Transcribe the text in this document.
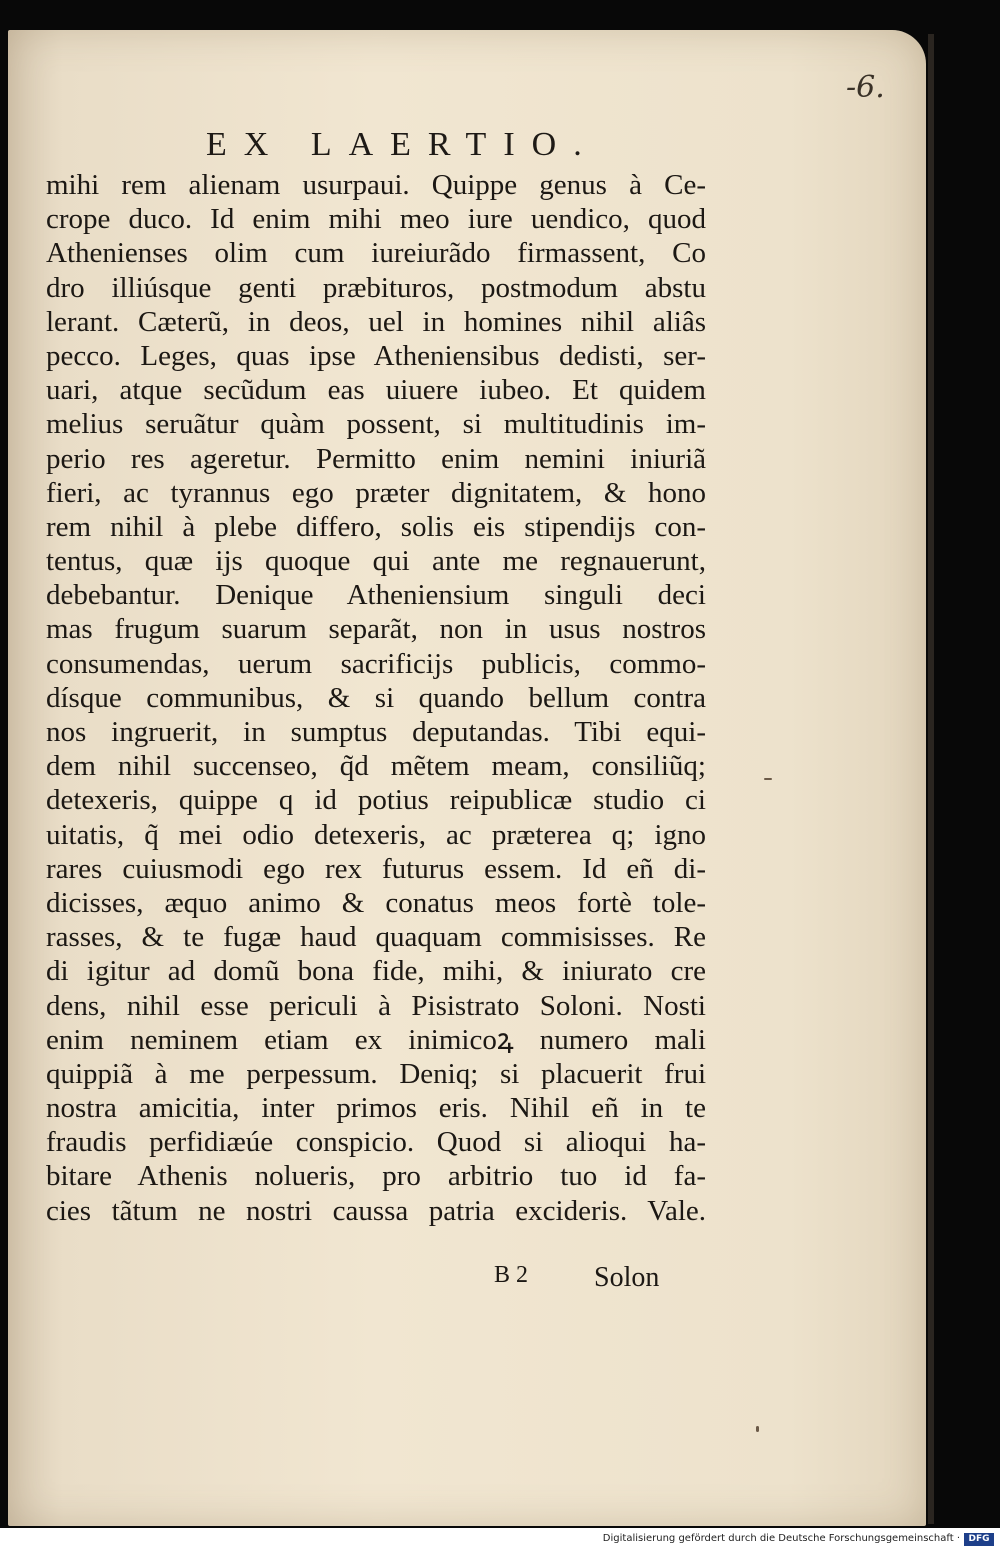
-6.
EX LAERTIO.
mihi rem alienam usurpaui. Quippe genus à Ce-
crope duco. Id enim mihi meo iure uendico, quod
Athenienses olim cum iureiurãdo firmassent, Co
dro illiúsque genti præbituros, postmodum abstu
lerant. Cæterũ, in deos, uel in homines nihil aliâs
pecco. Leges, quas ipse Atheniensibus dedisti, ser-
uari, atque secũdum eas uiuere iubeo. Et quidem
melius seruãtur quàm possent, si multitudinis im-
perio res ageretur. Permitto enim nemini iniuriã
fieri, ac tyrannus ego præter dignitatem, & hono
rem nihil à plebe differo, solis eis stipendijs con-
tentus, quæ ijs quoque qui ante me regnauerunt,
debebantur. Denique Atheniensium singuli deci
mas frugum suarum separãt, non in usus nostros
consumendas, uerum sacrificijs publicis, commo-
dísque communibus, & si quando bellum contra
nos ingruerit, in sumptus deputandas. Tibi equi-
dem nihil succenseo, q̃d mẽtem meam, consiliũq;
detexeris, quippe q id potius reipublicæ studio ci
uitatis, q̃ mei odio detexeris, ac præterea q; igno
rares cuiusmodi ego rex futurus essem. Id eñ di-
dicisses, æquo animo & conatus meos fortè tole-
rasses, & te fugæ haud quaquam commisisses. Re
di igitur ad domũ bona fide, mihi, & iniurato cre
dens, nihil esse periculi à Pisistrato Soloni. Nosti
enim neminem etiam ex inimicoꝝ numero mali
quippiã à me perpessum. Deniq; si placuerit frui
nostra amicitia, inter primos eris. Nihil eñ in te
fraudis perfidiæúe conspicio. Quod si alioqui ha-
bitare Athenis nolueris, pro arbitrio tuo id fa-
cies tãtum ne nostri caussa patria excideris. Vale.
B 2 Solon
Digitalisierung gefördert durch die Deutsche Forschungsgemeinschaft · DFG
